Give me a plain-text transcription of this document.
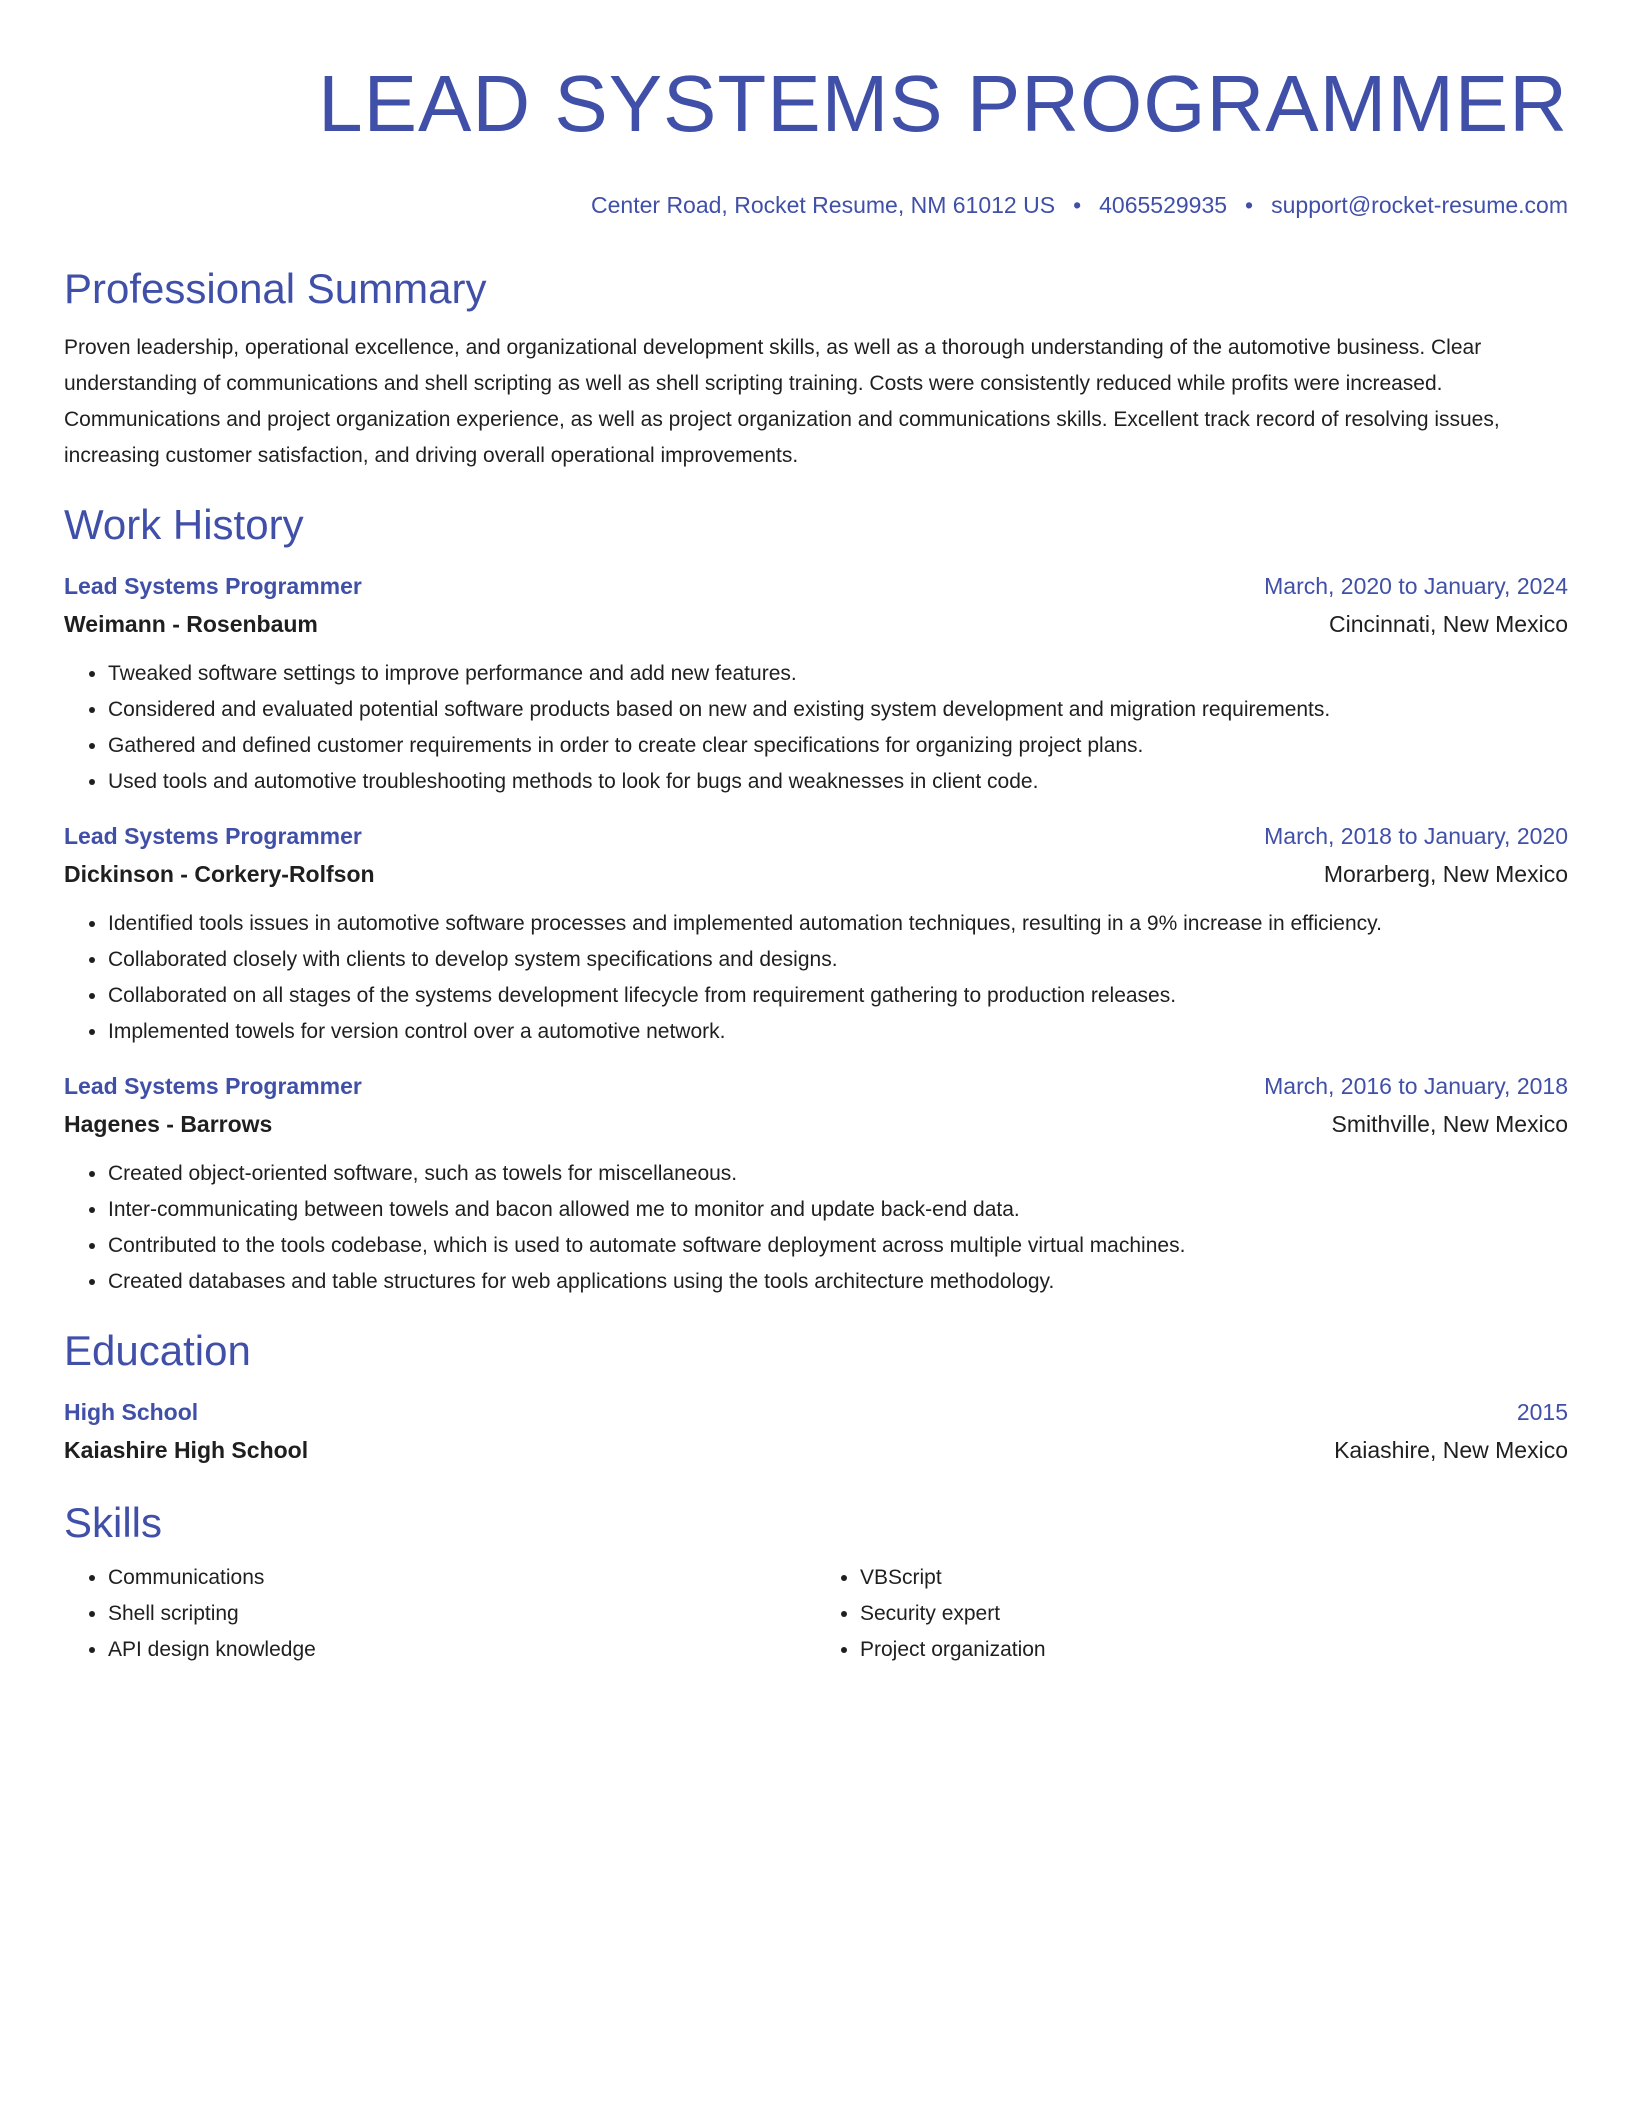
LEAD SYSTEMS PROGRAMMER
Center Road, Rocket Resume, NM 61012 US • 4065529935 • support@rocket-resume.com
Professional Summary
Proven leadership, operational excellence, and organizational development skills, as well as a thorough understanding of the automotive business. Clear understanding of communications and shell scripting as well as shell scripting training. Costs were consistently reduced while profits were increased. Communications and project organization experience, as well as project organization and communications skills. Excellent track record of resolving issues, increasing customer satisfaction, and driving overall operational improvements.
Work History
Lead Systems Programmer	March, 2020 to January, 2024
Weimann - Rosenbaum	Cincinnati, New Mexico
• Tweaked software settings to improve performance and add new features.
• Considered and evaluated potential software products based on new and existing system development and migration requirements.
• Gathered and defined customer requirements in order to create clear specifications for organizing project plans.
• Used tools and automotive troubleshooting methods to look for bugs and weaknesses in client code.
Lead Systems Programmer	March, 2018 to January, 2020
Dickinson - Corkery-Rolfson	Morarberg, New Mexico
• Identified tools issues in automotive software processes and implemented automation techniques, resulting in a 9% increase in efficiency.
• Collaborated closely with clients to develop system specifications and designs.
• Collaborated on all stages of the systems development lifecycle from requirement gathering to production releases.
• Implemented towels for version control over a automotive network.
Lead Systems Programmer	March, 2016 to January, 2018
Hagenes - Barrows	Smithville, New Mexico
• Created object-oriented software, such as towels for miscellaneous.
• Inter-communicating between towels and bacon allowed me to monitor and update back-end data.
• Contributed to the tools codebase, which is used to automate software deployment across multiple virtual machines.
• Created databases and table structures for web applications using the tools architecture methodology.
Education
High School	2015
Kaiashire High School	Kaiashire, New Mexico
Skills
• Communications
• Shell scripting
• API design knowledge
• VBScript
• Security expert
• Project organization
